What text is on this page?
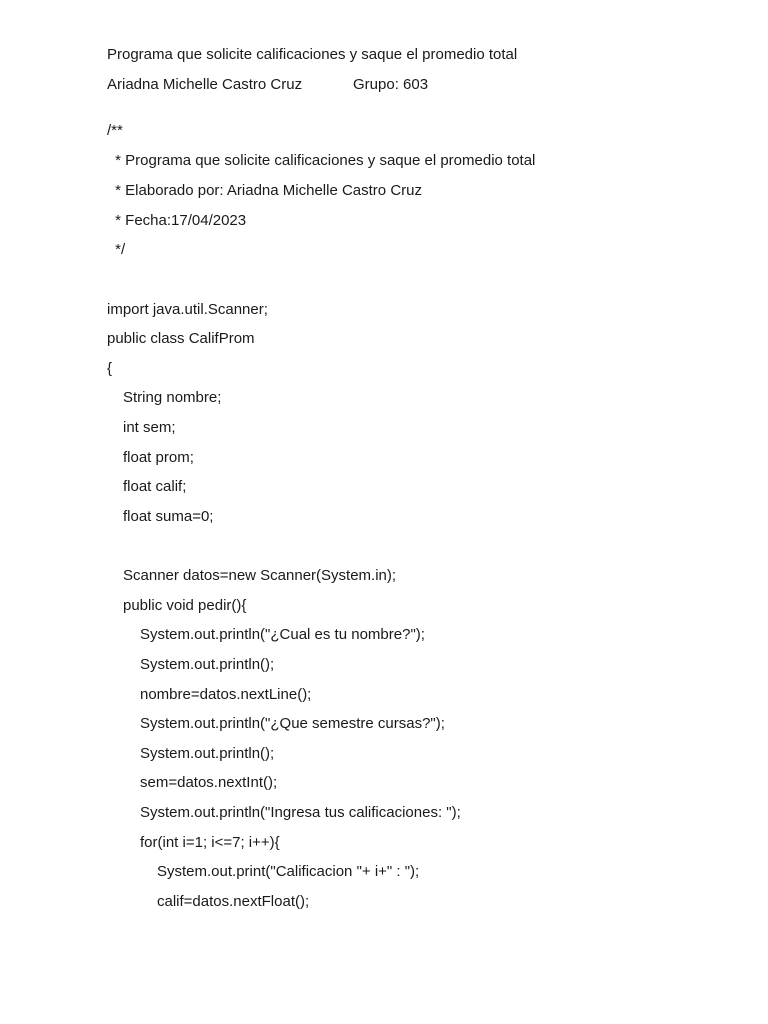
Programa que solicite calificaciones y saque el promedio total
Ariadna Michelle Castro Cruz	Grupo: 603
/**
* Programa que solicite calificaciones y saque el promedio total
* Elaborado por: Ariadna Michelle Castro Cruz
* Fecha:17/04/2023
*/
import java.util.Scanner;
public class CalifProm
{
String nombre;
int sem;
float prom;
float calif;
float suma=0;
Scanner datos=new Scanner(System.in);
public void pedir(){
System.out.println("¿Cual es tu nombre?");
System.out.println();
nombre=datos.nextLine();
System.out.println("¿Que semestre cursas?");
System.out.println();
sem=datos.nextInt();
System.out.println("Ingresa tus calificaciones: ");
for(int i=1; i<=7; i++){
System.out.print("Calificacion "+ i+" : ");
calif=datos.nextFloat();
